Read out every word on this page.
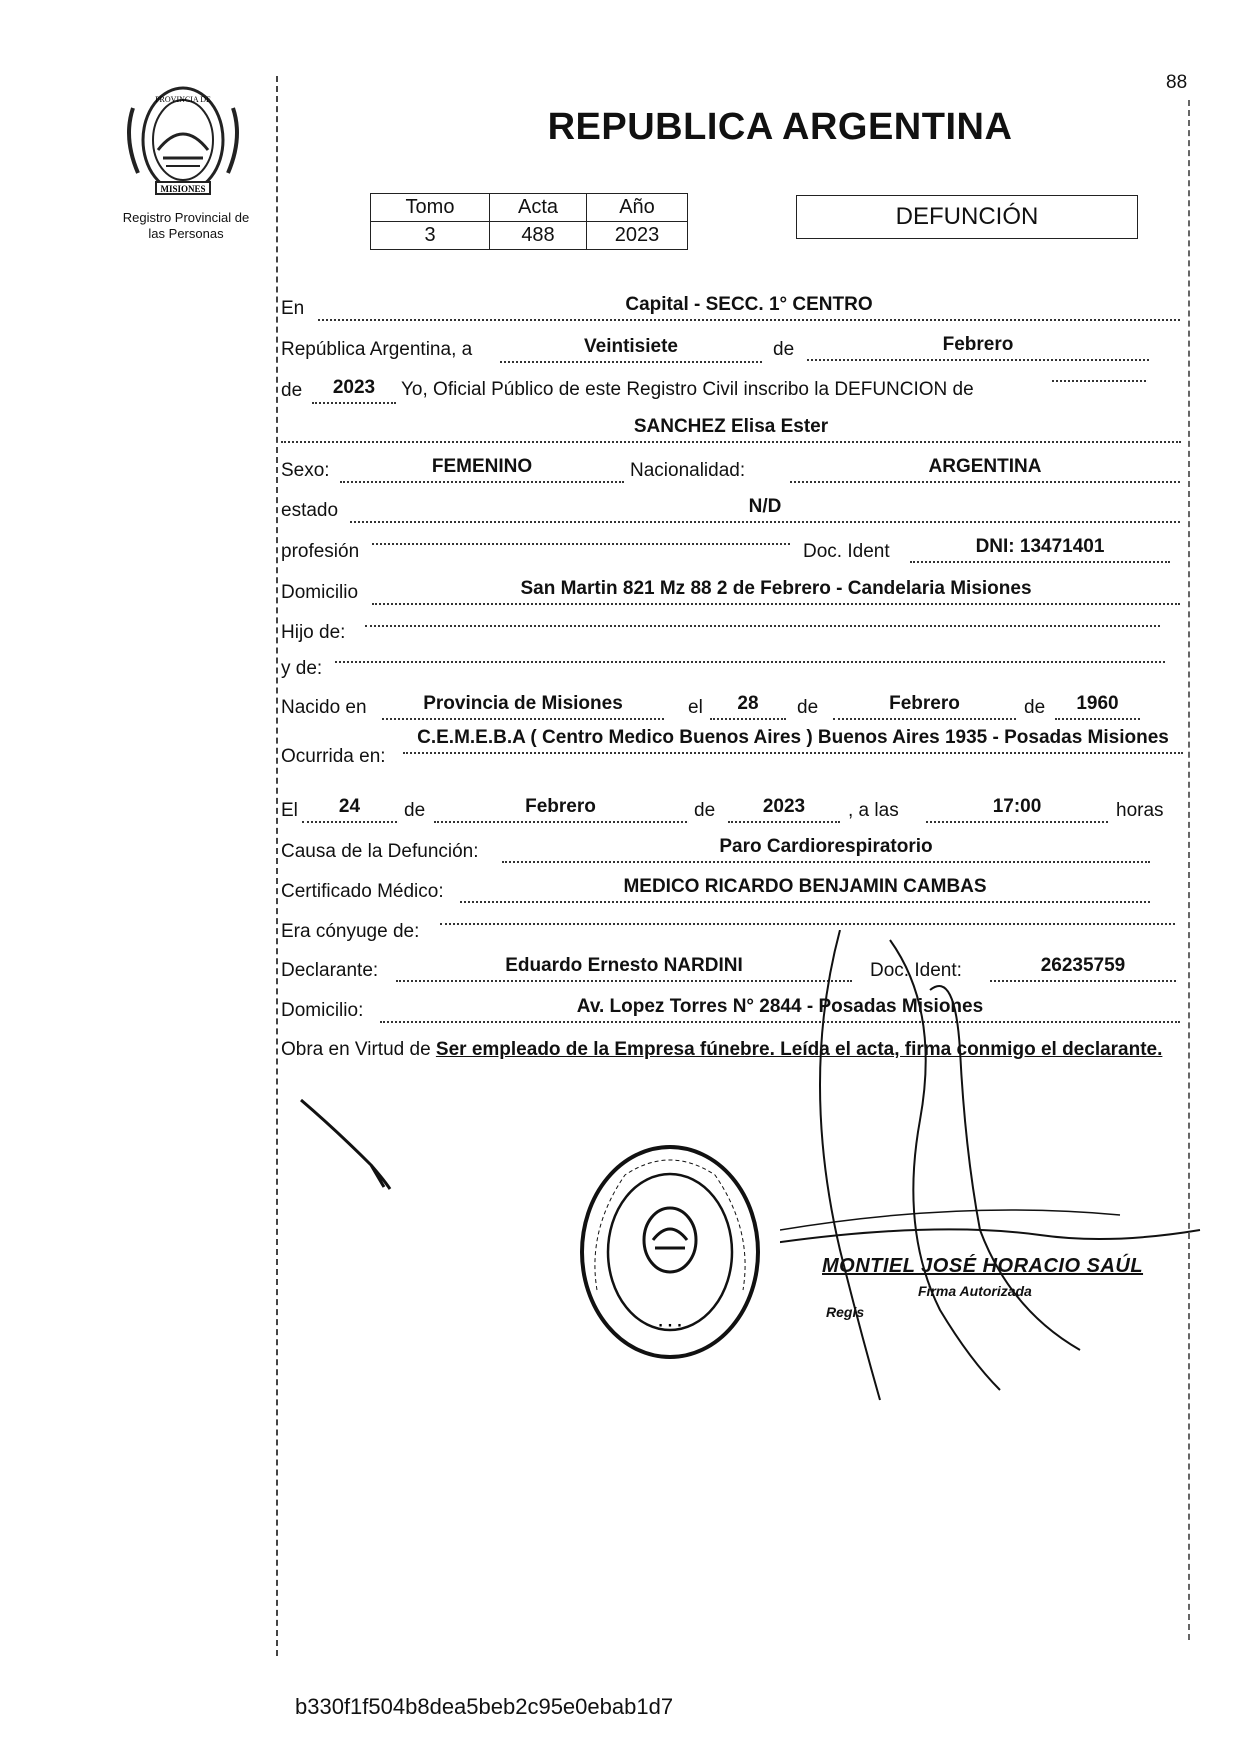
88
MISIONES
PROVINCIA DE
Registro Provincial de
las Personas
REPUBLICA ARGENTINA
Tomo	Acta	Año
3	488	2023
DEFUNCIÓN
En	Capital - SECC. 1° CENTRO
República Argentina, a	Veintisiete	de	Febrero
de	2023	Yo, Oficial Público de este Registro Civil inscribo la DEFUNCION de
SANCHEZ Elisa Ester
Sexo:	FEMENINO	Nacionalidad:	ARGENTINA
estado	N/D
profesión	Doc. Ident	DNI: 13471401
Domicilio	San Martin 821 Mz 88 2 de Febrero - Candelaria Misiones
Hijo de:
y de:
Nacido en	Provincia de Misiones	el	28	de	Febrero	de	1960
Ocurrida en:
C.E.M.E.B.A ( Centro Medico Buenos Aires ) Buenos Aires 1935 - Posadas Misiones
El	24	de	Febrero	de	2023	, a las	17:00	horas
Causa de la Defunción:	Paro Cardiorespiratorio
Certificado Médico:	MEDICO RICARDO BENJAMIN CAMBAS
Era cónyuge de:
Declarante:	Eduardo Ernesto NARDINI	Doc. Ident:	26235759
Domicilio:	Av. Lopez Torres N° 2844 - Posadas Misiones
Obra en Virtud de Ser empleado de la Empresa fúnebre. Leída el acta, firma conmigo el declarante.
· · ·
MONTIEL JOSÉ HORACIO SAÚL
Firma Autorizada
Regis
b330f1f504b8dea5beb2c95e0ebab1d7
